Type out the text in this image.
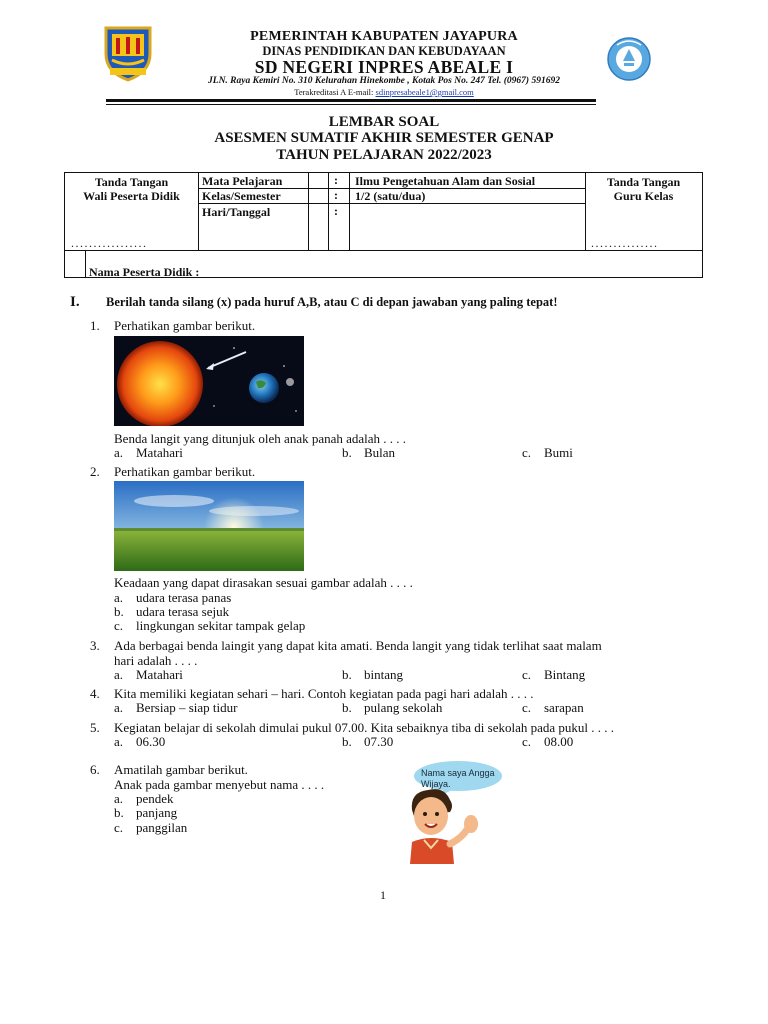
PEMERINTAH KABUPATEN JAYAPURA
DINAS PENDIDIKAN DAN KEBUDAYAAN
SD NEGERI INPRES ABEALE I
JLN. Raya Kemiri No. 310 Kelurahan Hinekombe , Kotak Pos No. 247 Tel. (0967) 591692
Terakreditasi A E-mail: sdinpresabeale1@gmail.com
LEMBAR SOAL
ASESMEN SUMATIF AKHIR SEMESTER GENAP
TAHUN PELAJARAN 2022/2023
Tanda Tangan
Wali Peserta Didik
.................
Mata Pelajaran	: Ilmu Pengetahuan Alam dan Sosial
Kelas/Semester	: 1/2 (satu/dua)
Hari/Tanggal	:
Tanda Tangan
Guru Kelas
...............
Nama Peserta Didik :
I. Berilah tanda silang (x) pada huruf A,B, atau C di depan jawaban yang paling tepat!
1. Perhatikan gambar berikut.
Benda langit yang ditunjuk oleh anak panah adalah . . . .
a. Matahari	b. Bulan	c. Bumi
2. Perhatikan gambar berikut.
Keadaan yang dapat dirasakan sesuai gambar adalah . . . .
a. udara terasa panas
b. udara terasa sejuk
c. lingkungan sekitar tampak gelap
3. Ada berbagai benda laingit yang dapat kita amati. Benda langit yang tidak terlihat saat malam
hari adalah . . . .
a. Matahari	b. bintang	c. Bintang
4. Kita memiliki kegiatan sehari – hari. Contoh kegiatan pada pagi hari adalah . . . .
a. Bersiap – siap tidur	b. pulang sekolah	c. sarapan
5. Kegiatan belajar di sekolah dimulai pukul 07.00. Kita sebaiknya tiba di sekolah pada pukul . . . .
a. 06.30	b. 07.30	c. 08.00
6. Amatilah gambar berikut.
Anak pada gambar menyebut nama . . . .
a. pendek
b. panjang
c. panggilan
Nama saya Angga Wijaya.
1
